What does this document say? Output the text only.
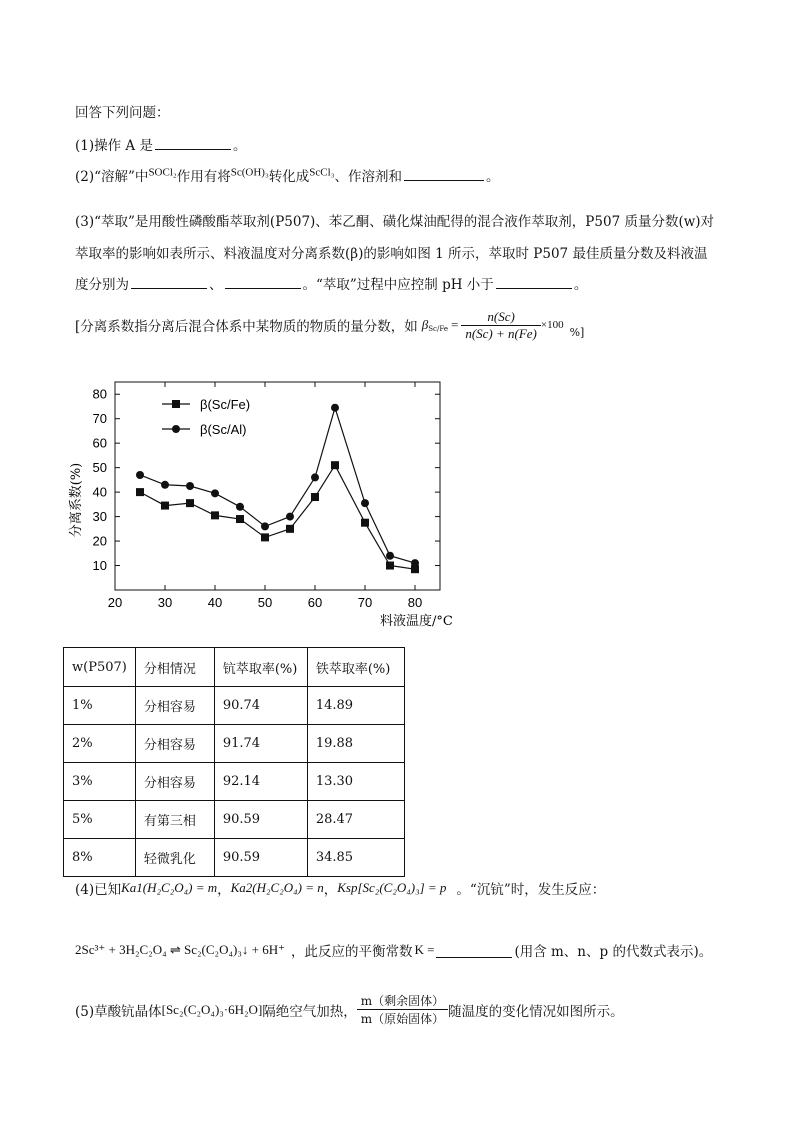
回答下列问题：
(1)操作 A 是	。
(2)“溶解”中$^{SOCl_2}$作用有将$^{Sc(OH)_3}$转化成$^{ScCl_3}$、作溶剂和	。
(3)“萃取”是用酸性磷酸酯萃取剂(P507)、苯乙酮、磺化煤油配得的混合液作萃取剂，P507 质量分数(w)对
萃取率的影响如表所示、料液温度对分离系数(β)的影响如图 1 所示，萃取时 P507 最佳质量分数及料液温
度分别为	、	。“萃取”过程中应控制 pH 小于	。
[分离系数指分离后混合体系中某物质的物质的量分数，如 β $Sc/Fe = \frac{n(Sc)}{n(Sc) + n(Fe)} \times 100$
%]
20	30	40	50	60	70	80
10
20
30
40
50
60
70
80
β(Sc/Fe)
β(Sc/Al)
分离系数(%)
料液温度/°C
w(P507)	分相情况	钪萃取率(%)	铁萃取率(%)
1%	分相容易	90.74	14.89
2%	分相容易	91.74	19.88
3%	分相容易	92.14	13.30
5%	有第三相	90.59	28.47
8%	轻微乳化	90.59	34.85
(4)已知 Ka1(H₂C₂O₄) = m ， Ka2(H₂C₂O₄) = n ， Ksp[Sc₂(C₂O₄)₃] = p 。“沉钪”时，发生反应：
2Sc³⁺ + 3H₂C₂O₄ ⇌ Sc₂(C₂O₄)₃↓ + 6H⁺ ，此反应的平衡常数 K =	(用含 m、n、p 的代数式表示)。
(5)草酸钪晶体 [Sc₂(C₂O₄)₃·6H₂O] 隔绝空气加热， $\frac{\text{m（剩余固体）}}{\text{m（原始固体）}}$ 随温度的变化情况如图所示。
